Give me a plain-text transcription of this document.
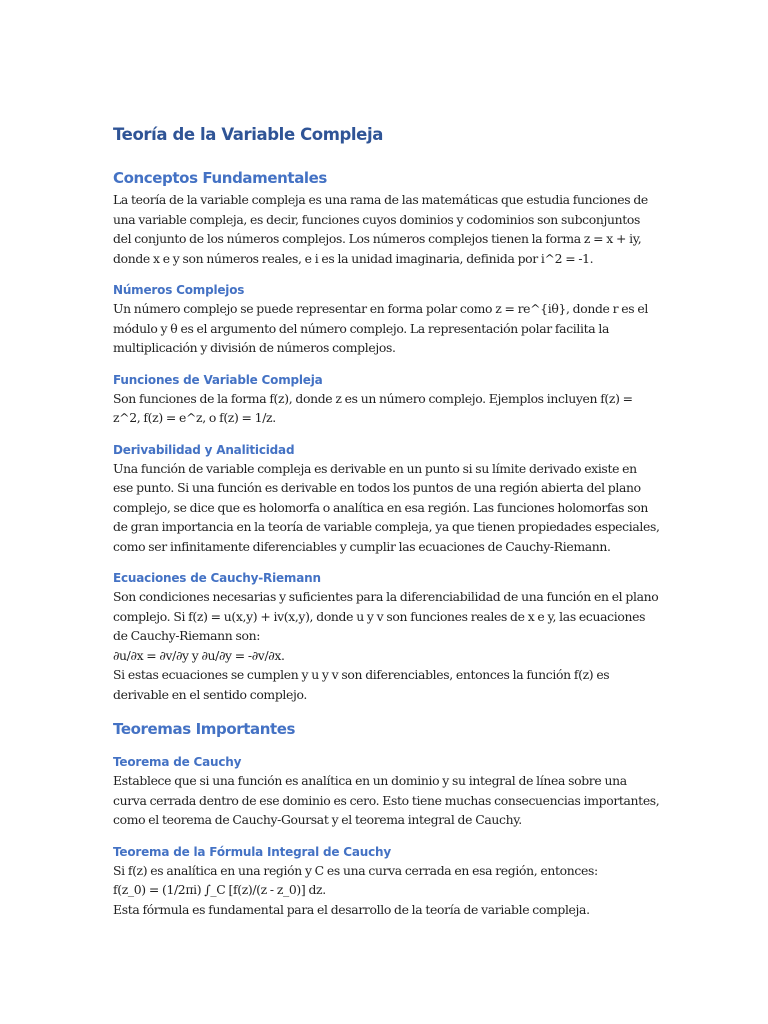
Teoría de la Variable Compleja
Conceptos Fundamentales

La teoría de la variable compleja es una rama de las matemáticas que estudia funciones de
una variable compleja, es decir, funciones cuyos dominios y codominios son subconjuntos
del conjunto de los números complejos. Los números complejos tienen la forma z = x + iy,
donde x e y son números reales, e i es la unidad imaginaria, definida por i^2 = -1.

Números Complejos

Un número complejo se puede representar en forma polar como z = re^{iθ}, donde r es el
módulo y θ es el argumento del número complejo. La representación polar facilita la
multiplicación y división de números complejos.

Funciones de Variable Compleja

Son funciones de la forma f(z), donde z es un número complejo. Ejemplos incluyen f(z) =
z^2, f(z) = e^z, o f(z) = 1/z.

Derivabilidad y Analiticidad

Una función de variable compleja es derivable en un punto si su límite derivado existe en
ese punto. Si una función es derivable en todos los puntos de una región abierta del plano
complejo, se dice que es holomorfa o analítica en esa región. Las funciones holomorfas son
de gran importancia en la teoría de variable compleja, ya que tienen propiedades especiales,
como ser infinitamente diferenciables y cumplir las ecuaciones de Cauchy-Riemann.

Ecuaciones de Cauchy-Riemann

Son condiciones necesarias y suficientes para la diferenciabilidad de una función en el plano
complejo. Si f(z) = u(x,y) + iv(x,y), donde u y v son funciones reales de x e y, las ecuaciones
de Cauchy-Riemann son:
∂u/∂x = ∂v/∂y y ∂u/∂y = -∂v/∂x.
Si estas ecuaciones se cumplen y u y v son diferenciables, entonces la función f(z) es
derivable en el sentido complejo.

Teoremas Importantes
Teorema de Cauchy

Establece que si una función es analítica en un dominio y su integral de línea sobre una
curva cerrada dentro de ese dominio es cero. Esto tiene muchas consecuencias importantes,
como el teorema de Cauchy-Goursat y el teorema integral de Cauchy.

Teorema de la Fórmula Integral de Cauchy

Si f(z) es analítica en una región y C es una curva cerrada en esa región, entonces:
f(z_0) = (1/2πi) ∫_C [f(z)/(z - z_0)] dz.
Esta fórmula es fundamental para el desarrollo de la teoría de variable compleja.
